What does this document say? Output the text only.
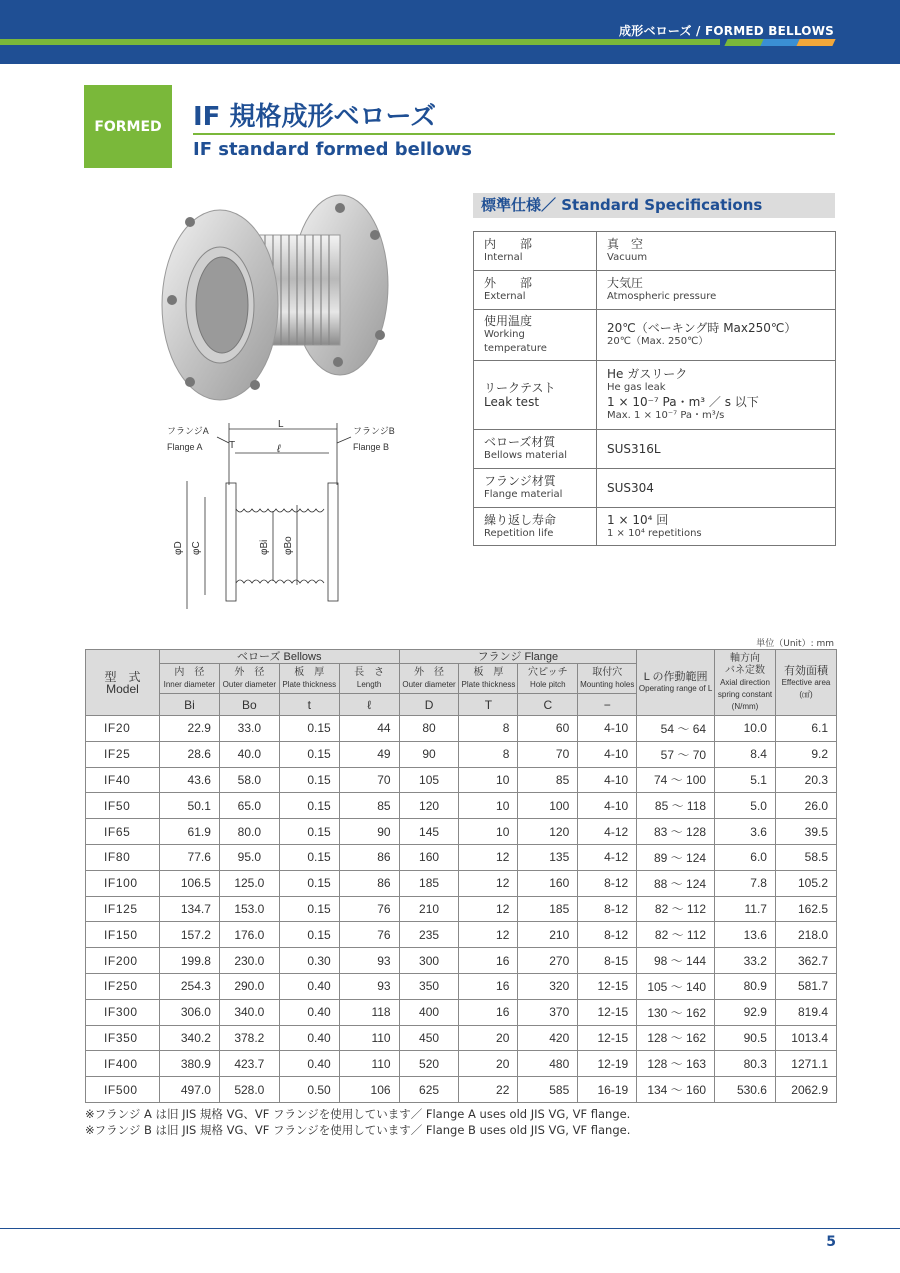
成形ベローズ / FORMED BELLOWS
FORMED	IF 規格成形ベローズ
IF standard formed bellows
フランジA
Flange A
フランジB
Flange B
L
T	ℓ
φD φC	φBi φBo
標準仕様／ Standard Specifications
内　　部
Internal	真　空
Vacuum

外　　部
External	大気圧
Atmospheric pressure

使用温度
Working temperature	20℃（ベーキング時 Max250℃）
20℃（Max. 250℃）

リークテスト
Leak test	He ガスリーク
He gas leak
1 × 10⁻⁷ Pa・m³ ／ s 以下
Max. 1 × 10⁻⁷ Pa・m³/s

ベローズ材質
Bellows material	SUS316L
フランジ材質
Flange material	SUS304
繰り返し寿命
Repetition life	1 × 10⁴ 回
1 × 10⁴ repetitions
単位（Unit）: mm
型　式
Model	ベローズ Bellows				フランジ Flange				L の作動範囲
Operating range of L	軸方向
バネ定数
Axial direction spring constant
(N/mm)	有効面積
Effective area
(㎠)

	内　径
Inner diameter	外　径
Outer diameter	板　厚
Plate thickness	長　さ
Length	外　径
Outer diameter	板　厚
Plate thickness	穴ピッチ
Hole pitch	取付穴
Mounting holes			

	Bi	Bo	t	ℓ	D	T	C	−			
IF20	22.9	33.0	0.15	44	80	8	60	4-10	54 ～ 64	10.0	6.1
IF25	28.6	40.0	0.15	49	90	8	70	4-10	57 ～ 70	8.4	9.2
IF40	43.6	58.0	0.15	70	105	10	85	4-10	74 ～ 100	5.1	20.3
IF50	50.1	65.0	0.15	85	120	10	100	4-10	85 ～ 118	5.0	26.0
IF65	61.9	80.0	0.15	90	145	10	120	4-12	83 ～ 128	3.6	39.5
IF80	77.6	95.0	0.15	86	160	12	135	4-12	89 ～ 124	6.0	58.5
IF100	106.5	125.0	0.15	86	185	12	160	8-12	88 ～ 124	7.8	105.2
IF125	134.7	153.0	0.15	76	210	12	185	8-12	82 ～ 112	11.7	162.5
IF150	157.2	176.0	0.15	76	235	12	210	8-12	82 ～ 112	13.6	218.0
IF200	199.8	230.0	0.30	93	300	16	270	8-15	98 ～ 144	33.2	362.7
IF250	254.3	290.0	0.40	93	350	16	320	12-15	105 ～ 140	80.9	581.7
IF300	306.0	340.0	0.40	118	400	16	370	12-15	130 ～ 162	92.9	819.4
IF350	340.2	378.2	0.40	110	450	20	420	12-15	128 ～ 162	90.5	1013.4
IF400	380.9	423.7	0.40	110	520	20	480	12-19	128 ～ 163	80.3	1271.1
IF500	497.0	528.0	0.50	106	625	22	585	16-19	134 ～ 160	530.6	2062.9
※フランジ A は旧 JIS 規格 VG、VF フランジを使用しています／ Flange A uses old JIS VG, VF flange.
※フランジ B は旧 JIS 規格 VG、VF フランジを使用しています／ Flange B uses old JIS VG, VF flange.
5
